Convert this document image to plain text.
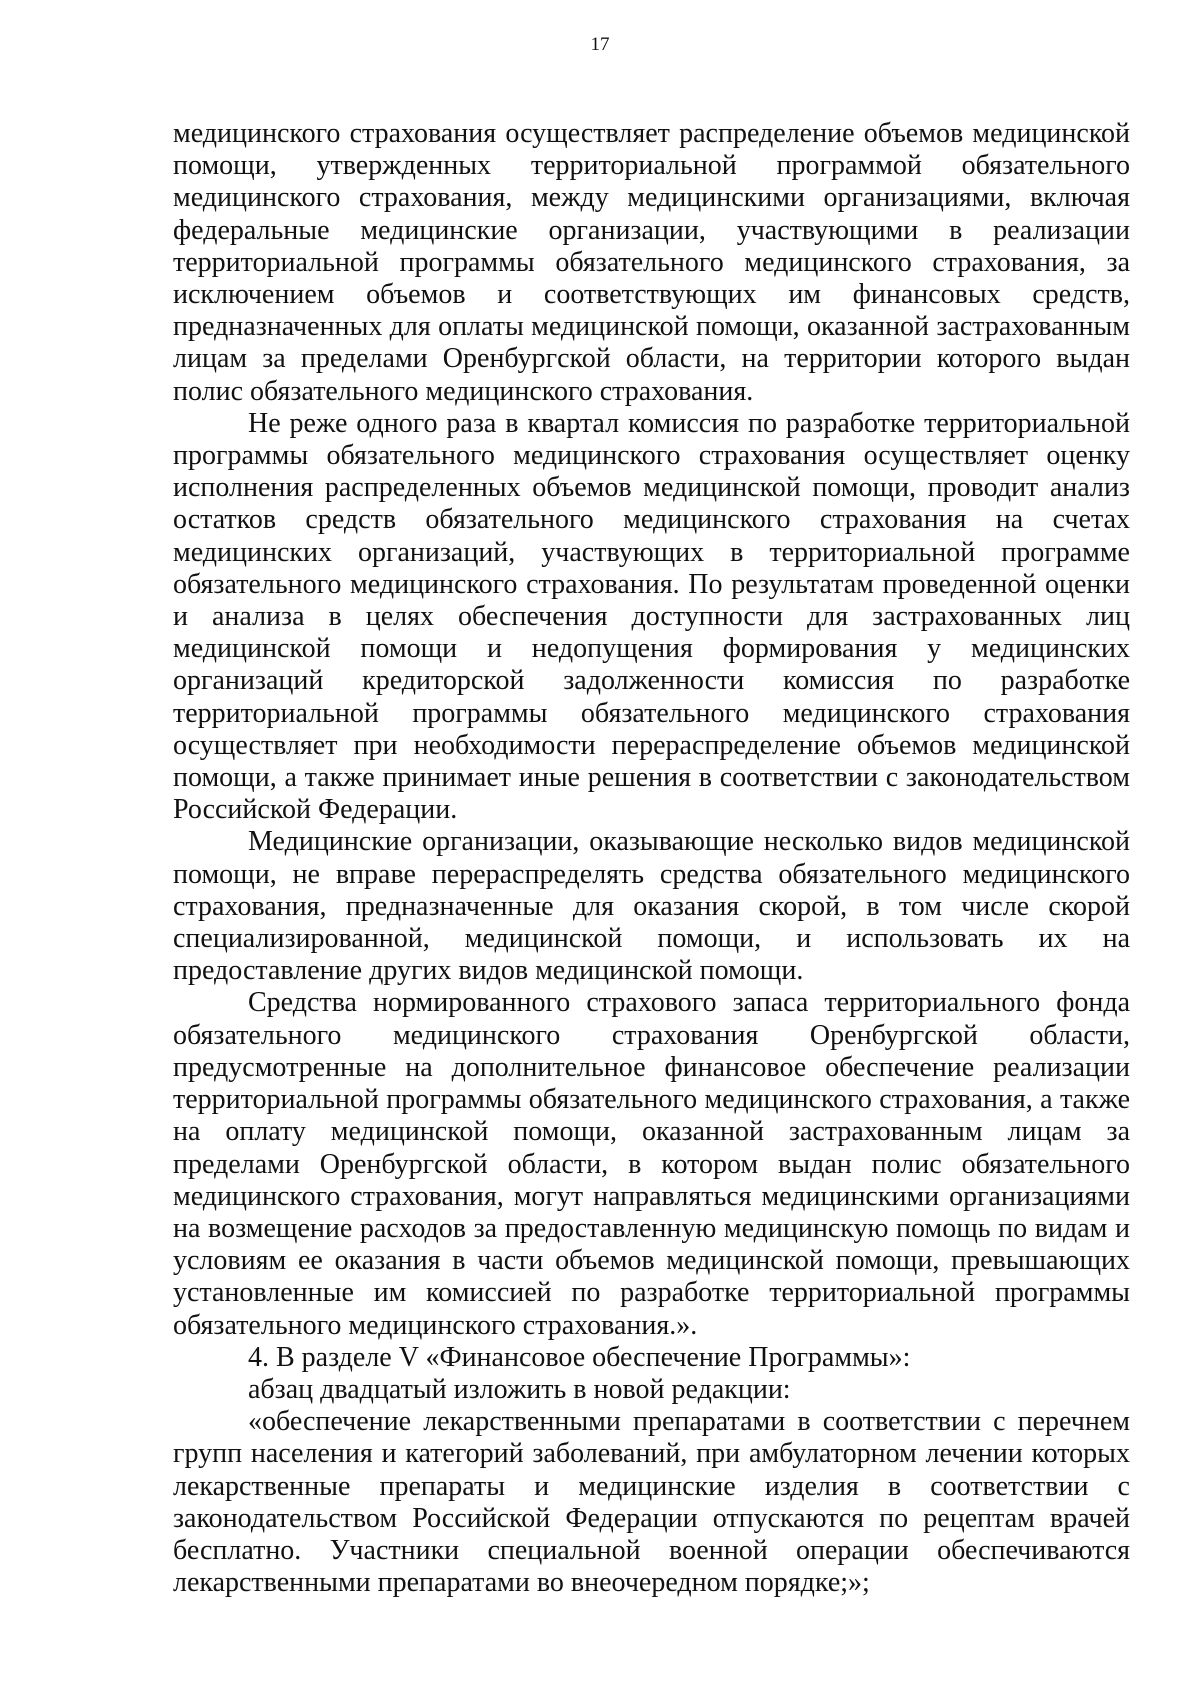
17

медицинского страхования осуществляет распределение объемов медицинской помощи, утвержденных территориальной программой обязательного медицинского страхования, между медицинскими организациями, включая федеральные медицинские организации, участвующими в реализации территориальной программы обязательного медицинского страхования, за исключением объемов и соответствующих им финансовых средств, предназначенных для оплаты медицинской помощи, оказанной застрахованным лицам за пределами Оренбургской области, на территории которого выдан полис обязательного медицинского страхования.

Не реже одного раза в квартал комиссия по разработке территориальной программы обязательного медицинского страхования осуществляет оценку исполнения распределенных объемов медицинской помощи, проводит анализ остатков средств обязательного медицинского страхования на счетах медицинских организаций, участвующих в территориальной программе обязательного медицинского страхования. По результатам проведенной оценки и анализа в целях обеспечения доступности для застрахованных лиц медицинской помощи и недопущения формирования у медицинских организаций кредиторской задолженности комиссия по разработке территориальной программы обязательного медицинского страхования осуществляет при необходимости перераспределение объемов медицинской помощи, а также принимает иные решения в соответствии с законодательством Российской Федерации.

Медицинские организации, оказывающие несколько видов медицинской помощи, не вправе перераспределять средства обязательного медицинского страхования, предназначенные для оказания скорой, в том числе скорой специализированной, медицинской помощи, и использовать их на предоставление других видов медицинской помощи.

Средства нормированного страхового запаса территориального фонда обязательного медицинского страхования Оренбургской области, предусмотренные на дополнительное финансовое обеспечение реализации территориальной программы обязательного медицинского страхования, а также на оплату медицинской помощи, оказанной застрахованным лицам за пределами Оренбургской области, в котором выдан полис обязательного медицинского страхования, могут направляться медицинскими организациями на возмещение расходов за предоставленную медицинскую помощь по видам и условиям ее оказания в части объемов медицинской помощи, превышающих установленные им комиссией по разработке территориальной программы обязательного медицинского страхования.».

4. В разделе V «Финансовое обеспечение Программы»:

абзац двадцатый изложить в новой редакции:

«обеспечение лекарственными препаратами в соответствии с перечнем групп населения и категорий заболеваний, при амбулаторном лечении которых лекарственные препараты и медицинские изделия в соответствии с законодательством Российской Федерации отпускаются по рецептам врачей бесплатно. Участники специальной военной операции обеспечиваются лекарственными препаратами во внеочередном порядке;»;
